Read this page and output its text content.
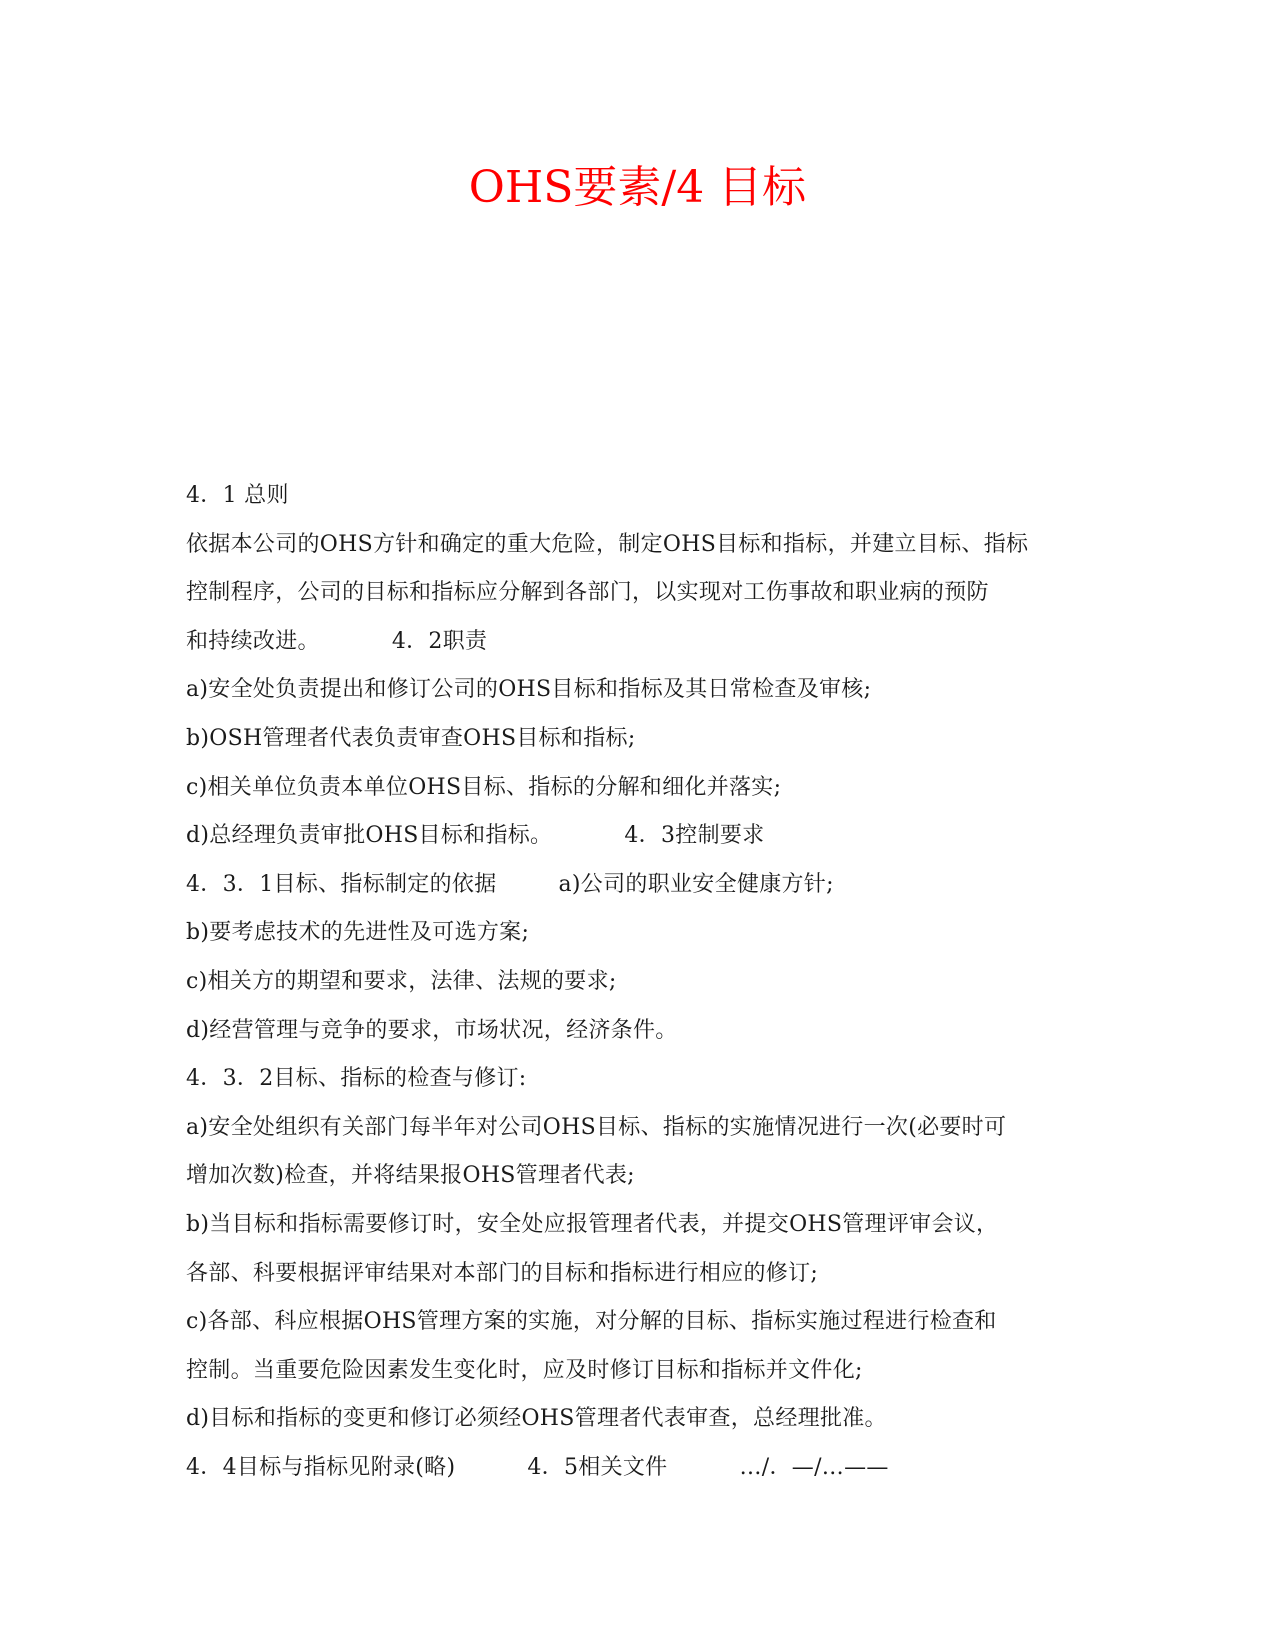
OHS要素/4 目标
4．1 总则
依据本公司的OHS方针和确定的重大危险，制定OHS目标和指标，并建立目标、指标
控制程序，公司的目标和指标应分解到各部门，以实现对工伤事故和职业病的预防
和持续改进。	4．2职责
a)安全处负责提出和修订公司的OHS目标和指标及其日常检查及审核;
b)OSH管理者代表负责审查OHS目标和指标;
c)相关单位负责本单位OHS目标、指标的分解和细化并落实;
d)总经理负责审批OHS目标和指标。	4．3控制要求
4．3．1目标、指标制定的依据	a)公司的职业安全健康方针;
b)要考虑技术的先进性及可选方案;
c)相关方的期望和要求，法律、法规的要求;
d)经营管理与竞争的要求，市场状况，经济条件。
4．3．2目标、指标的检查与修订:
a)安全处组织有关部门每半年对公司OHS目标、指标的实施情况进行一次(必要时可
增加次数)检查，并将结果报OHS管理者代表;
b)当目标和指标需要修订时，安全处应报管理者代表，并提交OHS管理评审会议，
各部、科要根据评审结果对本部门的目标和指标进行相应的修订;
c)各部、科应根据OHS管理方案的实施，对分解的目标、指标实施过程进行检查和
控制。当重要危险因素发生变化时，应及时修订目标和指标并文件化;
d)目标和指标的变更和修订必须经OHS管理者代表审查，总经理批准。
4．4目标与指标见附录(略)	4．5相关文件	…/．—/…——
